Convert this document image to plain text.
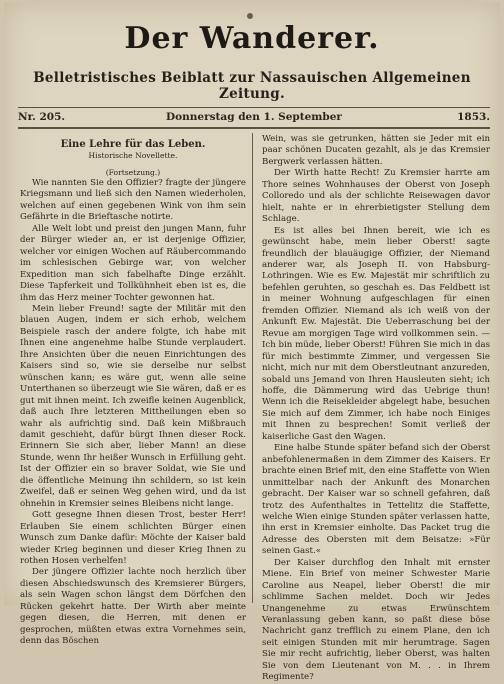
Der Wanderer.
Belletristisches Beiblatt zur Nassauischen Allgemeinen Zeitung.
Nr. 205.	Donnerstag den 1. September	1853.
Eine Lehre für das Leben.
Historische Novellette.
(Fortsetzung.)

Wie nannten Sie den Offizier? fragte der jüngere Kriegsmann und ließ sich den Namen wiederholen, welchen auf einen gegebenen Wink von ihm sein Gefährte in die Brieftasche notirte.

Alle Welt lobt und preist den jungen Mann, fuhr der Bürger wieder an, er ist derjenige Offizier, welcher vor einigen Wochen auf Räubercommando im schlesischen Gebirge war, von welcher Expedition man sich fabelhafte Dinge erzählt. Diese Tapferkeit und Tollkühnheit eben ist es, die ihm das Herz meiner Tochter gewonnen hat.

Mein lieber Freund! sagte der Militär mit den blauen Augen, indem er sich erhob, welchem Beispiele rasch der andere folgte, ich habe mit Ihnen eine angenehme halbe Stunde verplaudert. Ihre Ansichten über die neuen Einrichtungen des Kaisers sind so, wie sie derselbe nur selbst wünschen kann; es wäre gut, wenn alle seine Unterthanen so überzeugt wie Sie wären, daß er es gut mit ihnen meint. Ich zweifle keinen Augenblick, daß auch Ihre letzteren Mittheilungen eben so wahr als aufrichtig sind. Daß kein Mißbrauch damit geschieht, dafür bürgt Ihnen dieser Rock. Erinnern Sie sich aber, lieber Mann! an diese Stunde, wenn Ihr heißer Wunsch in Erfüllung geht. Ist der Offizier ein so braver Soldat, wie Sie und die öffentliche Meinung ihn schildern, so ist kein Zweifel, daß er seinen Weg gehen wird, und da ist ohnehin in Kremsier seines Bleibens nicht lange.

Gott gesegne Ihnen diesen Trost, bester Herr! Erlauben Sie einem schlichten Bürger einen Wunsch zum Danke dafür: Möchte der Kaiser bald wieder Krieg beginnen und dieser Krieg Ihnen zu rothen Hosen verhelfen!

Der jüngere Offizier lachte noch herzlich über diesen Abschiedswunsch des Kremsierer Bürgers, als sein Wagen schon längst dem Dörfchen den Rücken gekehrt hatte. Der Wirth aber meinte gegen diesen, die Herren, mit denen er gesprochen, müßten etwas extra Vornehmes sein, denn das Böschen

Wein, was sie getrunken, hätten sie Jeder mit ein paar schönen Ducaten gezahlt, als je das Kremsier Bergwerk verlassen hätten.

Der Wirth hatte Recht! Zu Kremsier harrte am Thore seines Wohnhauses der Oberst von Joseph Colloredo und als der schlichte Reisewagen davor hielt, nahte er in ehrerbietigster Stellung dem Schlage.

Es ist alles bei Ihnen bereit, wie ich es gewünscht habe, mein lieber Oberst! sagte freundlich der blauäugige Offizier, der Niemand anderer war, als Joseph II. von Habsburg-Lothringen. Wie es Ew. Majestät mir schriftlich zu befehlen geruhten, so geschah es. Das Feldbett ist in meiner Wohnung aufgeschlagen für einen fremden Offizier. Niemand als ich weiß von der Ankunft Ew. Majestät. Die Ueberraschung bei der Revue am morgigen Tage wird vollkommen sein. — Ich bin müde, lieber Oberst! Führen Sie mich in das für mich bestimmte Zimmer, und vergessen Sie nicht, mich nur mit dem Oberstleutnant anzureden, sobald uns Jemand von Ihren Hausleuten sieht; ich hoffe, die Dämmerung wird das Uebrige thun! Wenn ich die Reisekleider abgelegt habe, besuchen Sie mich auf dem Zimmer, ich habe noch Einiges mit Ihnen zu besprechen! Somit verließ der kaiserliche Gast den Wagen.

Eine halbe Stunde später befand sich der Oberst anbefohlenermaßen in dem Zimmer des Kaisers. Er brachte einen Brief mit, den eine Staffette von Wien unmittelbar nach der Ankunft des Monarchen gebracht. Der Kaiser war so schnell gefahren, daß trotz des Aufenthaltes in Tettelitz die Staffette, welche Wien einige Stunden später verlassen hatte, ihn erst in Kremsier einholte. Das Packet trug die Adresse des Obersten mit dem Beisatze: »Für seinen Gast.«

Der Kaiser durchflog den Inhalt mit ernster Miene. Ein Brief von meiner Schwester Marie Caroline aus Neapel, lieber Oberst! die mir schlimme Sachen meldet. Doch wir Jedes Unangenehme zu etwas Erwünschtem Veranlassung geben kann, so paßt diese böse Nachricht ganz trefflich zu einem Plane, den ich seit einigen Stunden mit mir herumtrage. Sagen Sie mir recht aufrichtig, lieber Oberst, was halten Sie von dem Lieutenant von M. . . in Ihrem Regimente?
